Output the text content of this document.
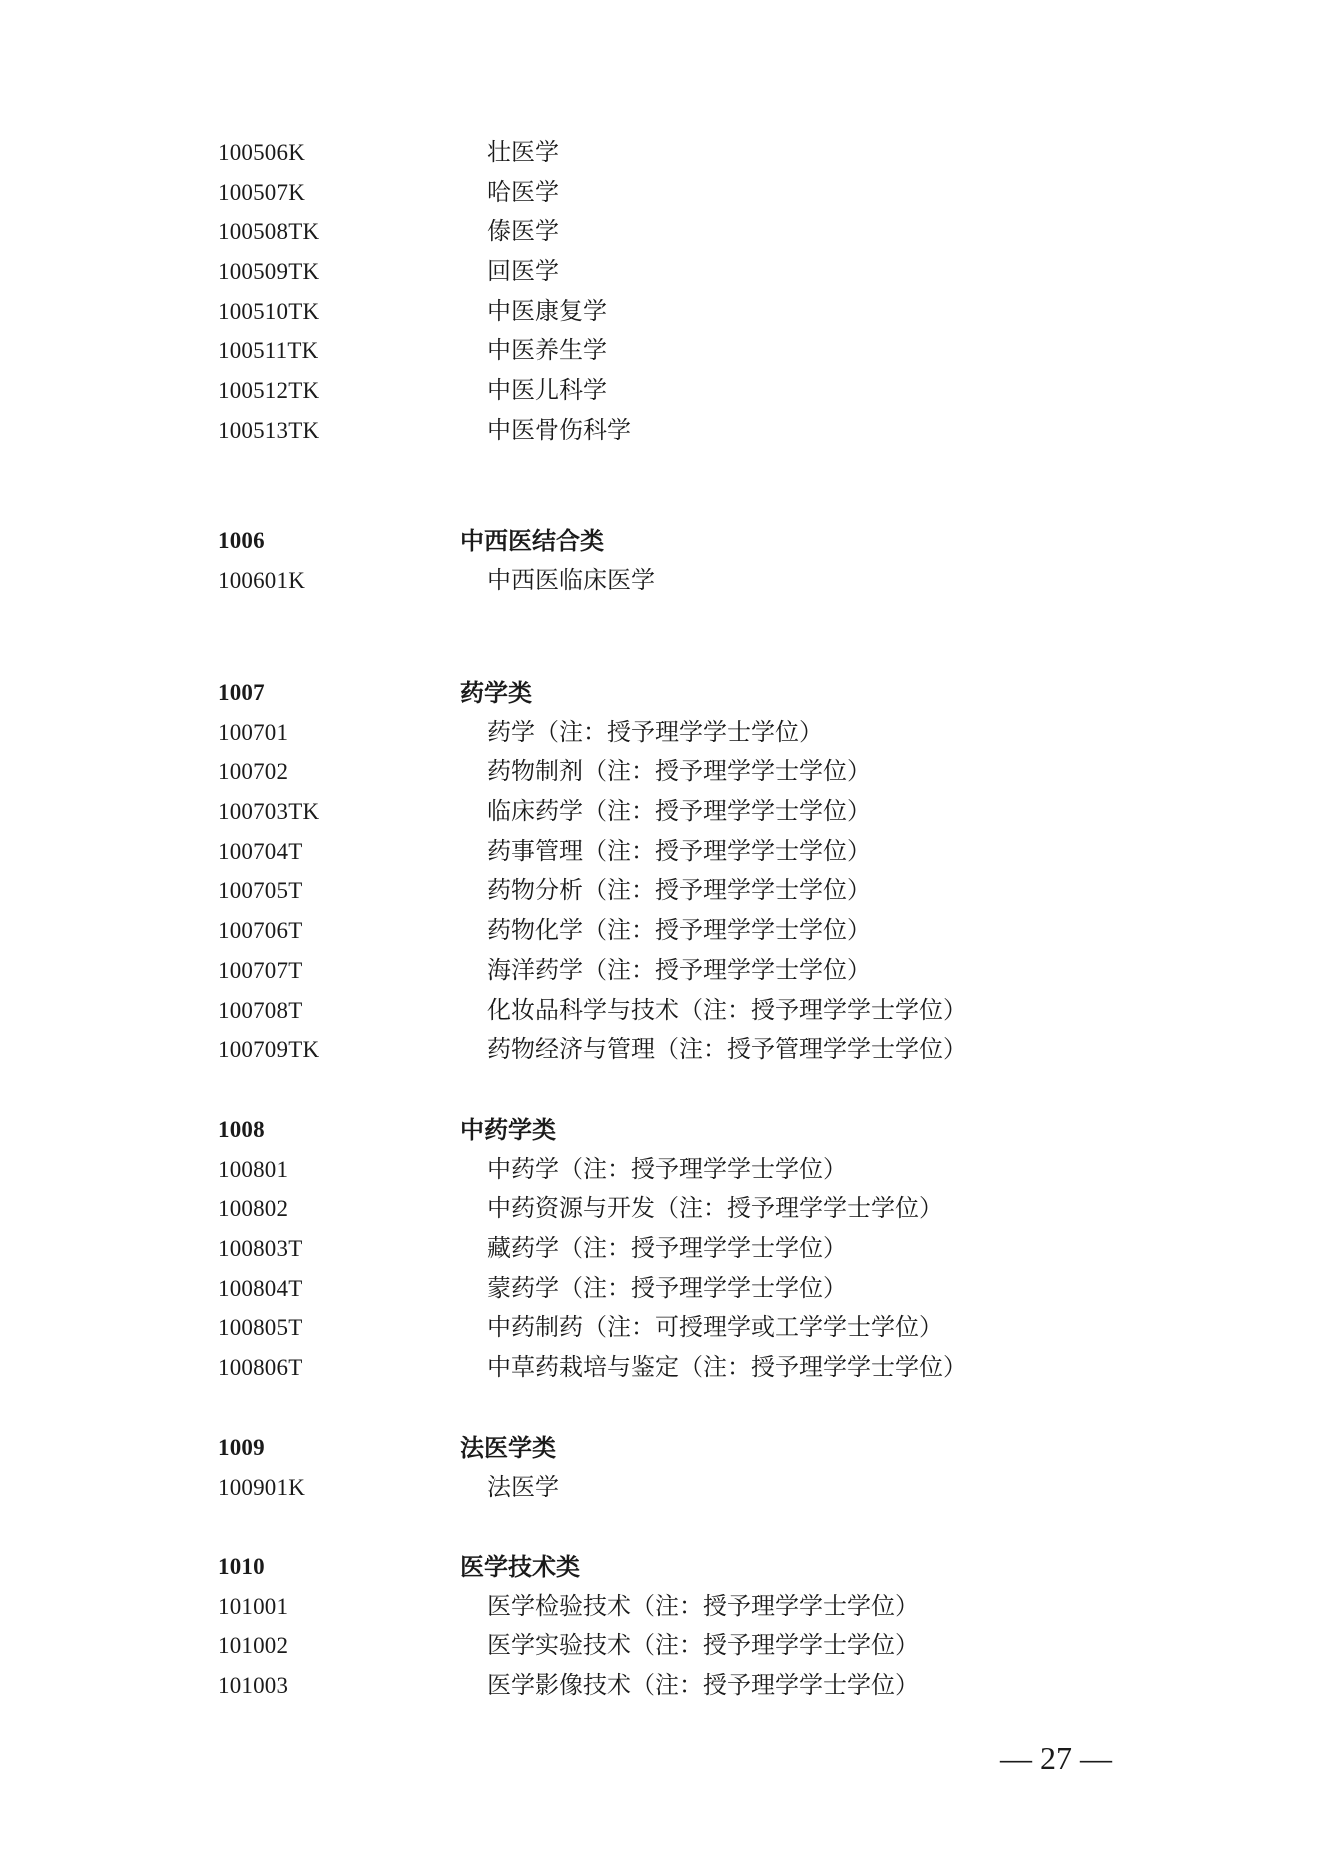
100506K	壮医学
100507K	哈医学
100508TK	傣医学
100509TK	回医学
100510TK	中医康复学
100511TK	中医养生学
100512TK	中医儿科学
100513TK	中医骨伤科学
1006	中西医结合类
100601K	中西医临床医学
1007	药学类
100701	药学（注：授予理学学士学位）
100702	药物制剂（注：授予理学学士学位）
100703TK	临床药学（注：授予理学学士学位）
100704T	药事管理（注：授予理学学士学位）
100705T	药物分析（注：授予理学学士学位）
100706T	药物化学（注：授予理学学士学位）
100707T	海洋药学（注：授予理学学士学位）
100708T	化妆品科学与技术（注：授予理学学士学位）
100709TK	药物经济与管理（注：授予管理学学士学位）
1008	中药学类
100801	中药学（注：授予理学学士学位）
100802	中药资源与开发（注：授予理学学士学位）
100803T	藏药学（注：授予理学学士学位）
100804T	蒙药学（注：授予理学学士学位）
100805T	中药制药（注：可授理学或工学学士学位）
100806T	中草药栽培与鉴定（注：授予理学学士学位）
1009	法医学类
100901K	法医学
1010	医学技术类
101001	医学检验技术（注：授予理学学士学位）
101002	医学实验技术（注：授予理学学士学位）
101003	医学影像技术（注：授予理学学士学位）
— 27 —
